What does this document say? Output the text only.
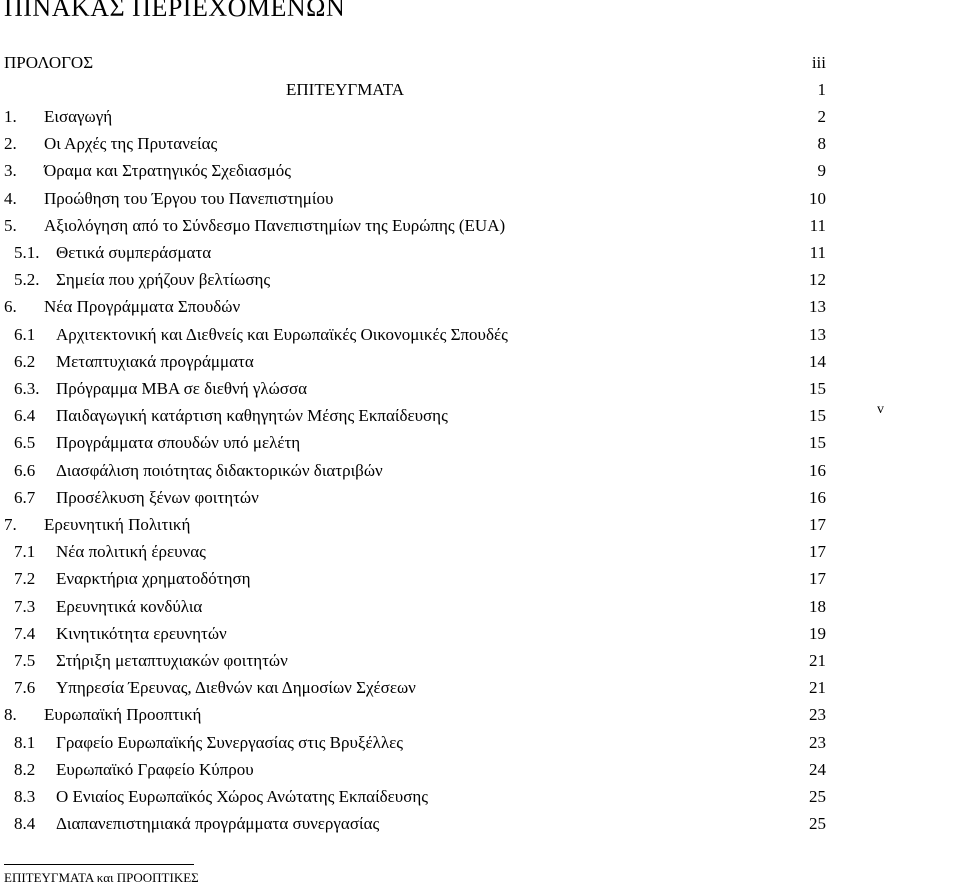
ΠΙΝΑΚΑΣ ΠΕΡΙΕΧΟΜΕΝΩΝ
ΠΡΟΛΟΓΟΣ	iii
ΕΠΙΤΕΥΓΜΑΤΑ	1
1. Εισαγωγή	2
2. Οι Αρχές της Πρυτανείας	8
3. Όραμα και Στρατηγικός Σχεδιασμός	9
4. Προώθηση του Έργου του Πανεπιστημίου	10
5. Αξιολόγηση από το Σύνδεσμο Πανεπιστημίων της Ευρώπης (EUA)	11
5.1. Θετικά συμπεράσματα	11
5.2. Σημεία που χρήζουν βελτίωσης	12
6. Νέα Προγράμματα Σπουδών	13
6.1 Αρχιτεκτονική και Διεθνείς και Ευρωπαϊκές Οικονομικές Σπουδές	13
6.2 Μεταπτυχιακά προγράμματα	14
6.3. Πρόγραμμα MBA σε διεθνή γλώσσα	15
6.4 Παιδαγωγική κατάρτιση καθηγητών Μέσης Εκπαίδευσης	15
6.5 Προγράμματα σπουδών υπό μελέτη	15
6.6 Διασφάλιση ποιότητας διδακτορικών διατριβών	16
6.7 Προσέλκυση ξένων φοιτητών	16
7. Ερευνητική Πολιτική	17
7.1 Νέα πολιτική έρευνας	17
7.2 Εναρκτήρια χρηματοδότηση	17
7.3 Ερευνητικά κονδύλια	18
7.4 Κινητικότητα ερευνητών	19
7.5 Στήριξη μεταπτυχιακών φοιτητών	21
7.6 Υπηρεσία Έρευνας, Διεθνών και Δημοσίων Σχέσεων	21
8. Ευρωπαϊκή Προοπτική	23
8.1 Γραφείο Ευρωπαϊκής Συνεργασίας στις Βρυξέλλες	23
8.2 Ευρωπαϊκό Γραφείο Κύπρου	24
8.3 Ο Ενιαίος Ευρωπαϊκός Χώρος Ανώτατης Εκπαίδευσης	25
8.4 Διαπανεπιστημιακά προγράμματα συνεργασίας	25
v
ΕΠΙΤΕΥΓΜΑΤΑ και ΠΡΟΟΠΤΙΚΕΣ
